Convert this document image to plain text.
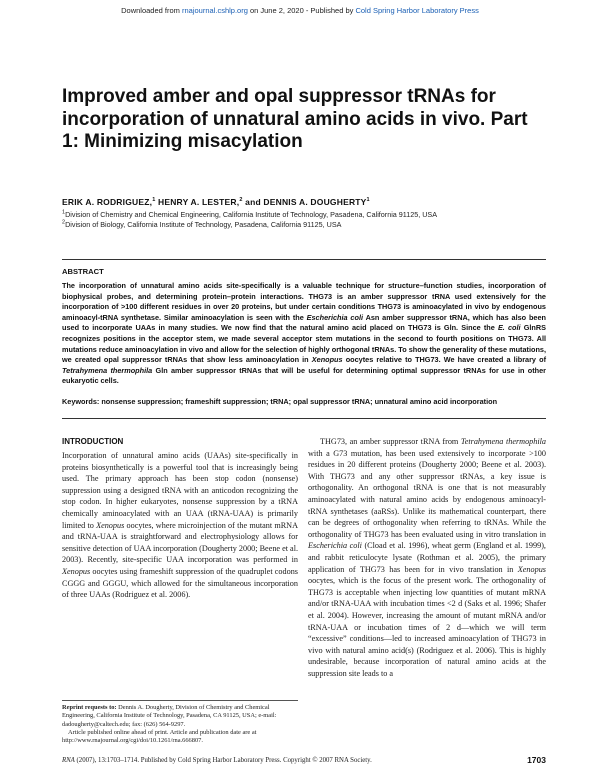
Downloaded from rnajournal.cshlp.org on June 2, 2020 - Published by Cold Spring Harbor Laboratory Press
Improved amber and opal suppressor tRNAs for incorporation of unnatural amino acids in vivo. Part 1: Minimizing misacylation
ERIK A. RODRIGUEZ,$^1$ HENRY A. LESTER,$^2$ and DENNIS A. DOUGHERTY$^1$
$^1$Division of Chemistry and Chemical Engineering, California Institute of Technology, Pasadena, California 91125, USA
$^2$Division of Biology, California Institute of Technology, Pasadena, California 91125, USA
ABSTRACT
The incorporation of unnatural amino acids site-specifically is a valuable technique for structure–function studies, incorporation of biophysical probes, and determining protein–protein interactions. THG73 is an amber suppressor tRNA used extensively for the incorporation of >100 different residues in over 20 proteins, but under certain conditions THG73 is aminoacylated in vivo by endogenous aminoacyl-tRNA synthetase. Similar aminoacylation is seen with the Escherichia coli Asn amber suppressor tRNA, which has also been used to incorporate UAAs in many studies. We now find that the natural amino acid placed on THG73 is Gln. Since the E. coli GlnRS recognizes positions in the acceptor stem, we made several acceptor stem mutations in the second to fourth positions on THG73. All mutations reduce aminoacylation in vivo and allow for the selection of highly orthogonal tRNAs. To show the generality of these mutations, we created opal suppressor tRNAs that show less aminoacylation in Xenopus oocytes relative to THG73. We have created a library of Tetrahymena thermophila Gln amber suppressor tRNAs that will be useful for determining optimal suppressor tRNAs for use in other eukaryotic cells.
Keywords: nonsense suppression; frameshift suppression; tRNA; opal suppressor tRNA; unnatural amino acid incorporation
INTRODUCTION
Incorporation of unnatural amino acids (UAAs) site-specifically in proteins biosynthetically is a powerful tool that is increasingly being used. The primary approach has been stop codon (nonsense) suppression using a designed tRNA with an anticodon recognizing the stop codon. In higher eukaryotes, nonsense suppression by a tRNA chemically aminoacylated with an UAA (tRNA-UAA) is primarily limited to Xenopus oocytes, where microinjection of the mutant mRNA and tRNA-UAA is straightforward and electrophysiology allows for sensitive detection of UAA incorporation (Dougherty 2000; Beene et al. 2003). Recently, site-specific UAA incorporation was performed in Xenopus oocytes using frameshift suppression of the quadruplet codons CGGG and GGGU, which allowed for the simultaneous incorporation of three UAAs (Rodriguez et al. 2006).
THG73, an amber suppressor tRNA from Tetrahymena thermophila with a G73 mutation, has been used extensively to incorporate >100 residues in 20 different proteins (Dougherty 2000; Beene et al. 2003). With THG73 and any other suppressor tRNAs, a key issue is orthogonality. An orthogonal tRNA is one that is not measurably aminoacylated with natural amino acids by endogenous aminoacyl-tRNA synthetases (aaRSs). Unlike its mathematical counterpart, there can be degrees of orthogonality when referring to tRNAs. While the orthogonality of THG73 has been evaluated using in vitro translation in Escherichia coli (Cload et al. 1996), wheat germ (England et al. 1999), and rabbit reticulocyte lysate (Rothman et al. 2005), the primary application of THG73 has been for in vivo translation in Xenopus oocytes, which is the focus of the present work. The orthogonality of THG73 is acceptable when injecting low quantities of mutant mRNA and/or tRNA-UAA with incubation times <2 d (Saks et al. 1996; Shafer et al. 2004). However, increasing the amount of mutant mRNA and/or tRNA-UAA or incubation times of 2 d—which we will term “excessive” conditions—led to increased aminoacylation of THG73 in vivo with natural amino acid(s) (Rodriguez et al. 2006). This is highly undesirable, because incorporation of natural amino acids at the suppression site leads to a
Reprint requests to: Dennis A. Dougherty, Division of Chemistry and Chemical Engineering, California Institute of Technology, Pasadena, CA 91125, USA; e-mail: dadougherty@caltech.edu; fax: (626) 564-9297.
Article published online ahead of print. Article and publication date are at http://www.rnajournal.org/cgi/doi/10.1261/rna.666807.
RNA (2007), 13:1703–1714. Published by Cold Spring Harbor Laboratory Press. Copyright © 2007 RNA Society.	1703
